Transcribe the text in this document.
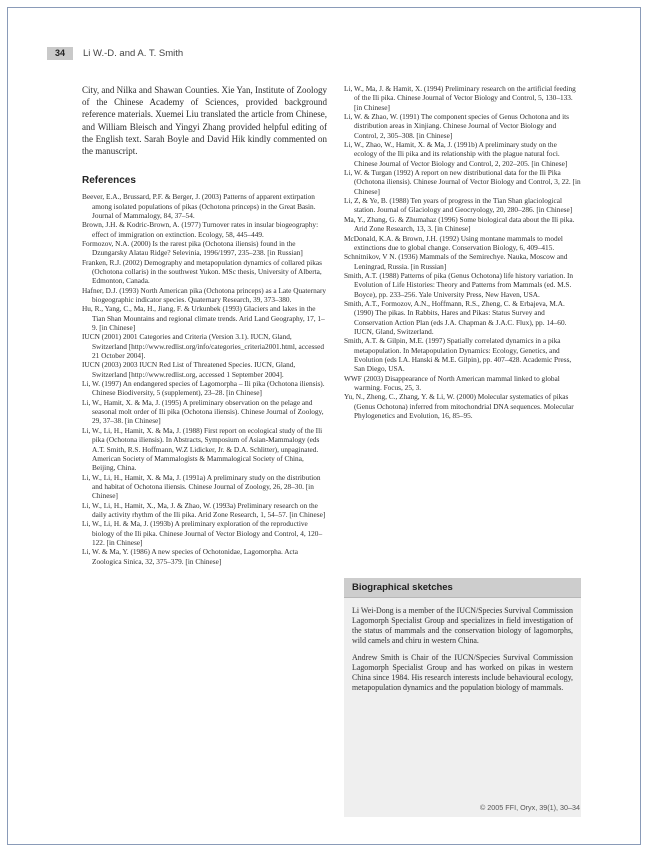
34	Li W.-D. and A. T. Smith

City, and Nilka and Shawan Counties. Xie Yan, Institute of Zoology of the Chinese Academy of Sciences, provided background reference materials. Xuemei Liu translated the article from Chinese, and William Bleisch and Yingyi Zhang provided helpful editing of the English text. Sarah Boyle and David Hik kindly commented on the manuscript.

References

Beever, E.A., Brussard, P.F. & Berger, J. (2003) Patterns of apparent extirpation among isolated populations of pikas (Ochotona princeps) in the Great Basin. Journal of Mammalogy, 84, 37–54.

Brown, J.H. & Kodric-Brown, A. (1977) Turnover rates in insular biogeography: effect of immigration on extinction. Ecology, 58, 445–449.

Formozov, N.A. (2000) Is the rarest pika (Ochotona iliensis) found in the Dzungarsky Alatau Ridge? Selevinia, 1996/1997, 235–238. [in Russian]

Franken, R.J. (2002) Demography and metapopulation dynamics of collared pikas (Ochotona collaris) in the southwest Yukon. MSc thesis, University of Alberta, Edmonton, Canada.

Hafner, D.J. (1993) North American pika (Ochotona princeps) as a Late Quaternary biogeographic indicator species. Quaternary Research, 39, 373–380.

Hu, R., Yang, C., Ma, H., Jiang, F. & Urkunbek (1993) Glaciers and lakes in the Tian Shan Mountains and regional climate trends. Arid Land Geography, 17, 1–9. [in Chinese]

IUCN (2001) 2001 Categories and Criteria (Version 3.1). IUCN, Gland, Switzerland [http://www.redlist.org/info/categories_criteria2001.html, accessed 21 October 2004].

IUCN (2003) 2003 IUCN Red List of Threatened Species. IUCN, Gland, Switzerland [http://www.redlist.org, accessed 1 September 2004].

Li, W. (1997) An endangered species of Lagomorpha – Ili pika (Ochotona iliensis). Chinese Biodiversity, 5 (supplement), 23–28. [in Chinese]

Li, W., Hamit, X. & Ma, J. (1995) A preliminary observation on the pelage and seasonal molt order of Ili pika (Ochotona iliensis). Chinese Journal of Zoology, 29, 37–38. [in Chinese]

Li, W., Li, H., Hamit, X. & Ma, J. (1988) First report on ecological study of the Ili pika (Ochotona iliensis). In Abstracts, Symposium of Asian-Mammalogy (eds A.T. Smith, R.S. Hoffmann, W.Z Lidicker, Jr. & D.A. Schlitter), unpaginated. American Society of Mammalogists & Mammalogical Society of China, Beijing, China.

Li, W., Li, H., Hamit, X. & Ma, J. (1991a) A preliminary study on the distribution and habitat of Ochotona iliensis. Chinese Journal of Zoology, 26, 28–30. [in Chinese]

Li, W., Li, H., Hamit, X., Ma, J. & Zhao, W. (1993a) Preliminary research on the daily activity rhythm of the Ili pika. Arid Zone Research, 1, 54–57. [in Chinese]

Li, W., Li, H. & Ma, J. (1993b) A preliminary exploration of the reproductive biology of the Ili pika. Chinese Journal of Vector Biology and Control, 4, 120–122. [in Chinese]

Li, W. & Ma, Y. (1986) A new species of Ochotonidae, Lagomorpha. Acta Zoologica Sinica, 32, 375–379. [in Chinese]

Li, W., Ma, J. & Hamit, X. (1994) Preliminary research on the artificial feeding of the Ili pika. Chinese Journal of Vector Biology and Control, 5, 130–133. [in Chinese]

Li, W. & Zhao, W. (1991) The component species of Genus Ochotona and its distribution areas in Xinjiang. Chinese Journal of Vector Biology and Control, 2, 305–308. [in Chinese]

Li, W., Zhao, W., Hamit, X. & Ma, J. (1991b) A preliminary study on the ecology of the Ili pika and its relationship with the plague natural foci. Chinese Journal of Vector Biology and Control, 2, 202–205. [in Chinese]

Li, W. & Turgan (1992) A report on new distributional data for the Ili Pika (Ochotona iliensis). Chinese Journal of Vector Biology and Control, 3, 22. [in Chinese]

Li, Z, & Ye, B. (1988) Ten years of progress in the Tian Shan glaciological station. Journal of Glaciology and Geocryology, 20, 280–286. [in Chinese]

Ma, Y., Zhang, G. & Zhumahaz (1996) Some biological data about the Ili pika. Arid Zone Research, 13, 3. [in Chinese]

McDonald, K.A. & Brown, J.H. (1992) Using montane mammals to model extinctions due to global change. Conservation Biology, 6, 409–415.

Schnitnikov, V N. (1936) Mammals of the Semirechye. Nauka, Moscow and Leningrad, Russia. [in Russian]

Smith, A.T. (1988) Patterns of pika (Genus Ochotona) life history variation. In Evolution of Life Histories: Theory and Patterns from Mammals (ed. M.S. Boyce), pp. 233–256. Yale University Press, New Haven, USA.

Smith, A.T., Formozov, A.N., Hoffmann, R.S., Zheng, C. & Erbajeva, M.A. (1990) The pikas. In Rabbits, Hares and Pikas: Status Survey and Conservation Action Plan (eds J.A. Chapman & J.A.C. Flux), pp. 14–60. IUCN, Gland, Switzerland.

Smith, A.T. & Gilpin, M.E. (1997) Spatially correlated dynamics in a pika metapopulation. In Metapopulation Dynamics: Ecology, Genetics, and Evolution (eds I.A. Hanski & M.E. Gilpin), pp. 407–428. Academic Press, San Diego, USA.

WWF (2003) Disappearance of North American mammal linked to global warming. Focus, 25, 3.

Yu, N., Zheng, C., Zhang, Y. & Li, W. (2000) Molecular systematics of pikas (Genus Ochotona) inferred from mitochondrial DNA sequences. Molecular Phylogenetics and Evolution, 16, 85–95.

Biographical sketches

Li Wei-Dong is a member of the IUCN/Species Survival Commission Lagomorph Specialist Group and specializes in field investigation of the status of mammals and the conservation biology of lagomorphs, wild camels and chiru in western China.

Andrew Smith is Chair of the IUCN/Species Survival Commission Lagomorph Specialist Group and has worked on pikas in western China since 1984. His research interests include behavioural ecology, metapopulation dynamics and the population biology of mammals.

© 2005 FFI, Oryx, 39(1), 30–34
